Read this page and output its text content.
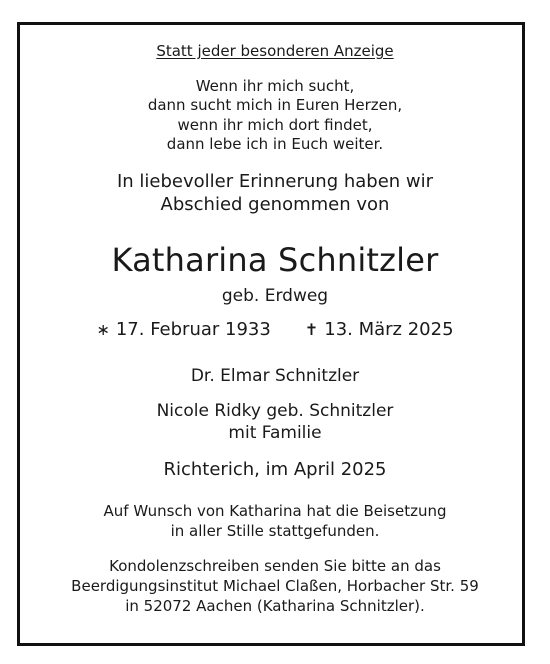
Statt jeder besonderen Anzeige
Wenn ihr mich sucht,
dann sucht mich in Euren Herzen,
wenn ihr mich dort findet,
dann lebe ich in Euch weiter.
In liebevoller Erinnerung haben wir
Abschied genommen von
Katharina Schnitzler
geb. Erdweg
∗ 17. Februar 1933 ✝ 13. März 2025
Dr. Elmar Schnitzler
Nicole Ridky geb. Schnitzler
mit Familie
Richterich, im April 2025
Auf Wunsch von Katharina hat die Beisetzung
in aller Stille stattgefunden.
Kondolenzschreiben senden Sie bitte an das
Beerdigungsinstitut Michael Claßen, Horbacher Str. 59
in 52072 Aachen (Katharina Schnitzler).
